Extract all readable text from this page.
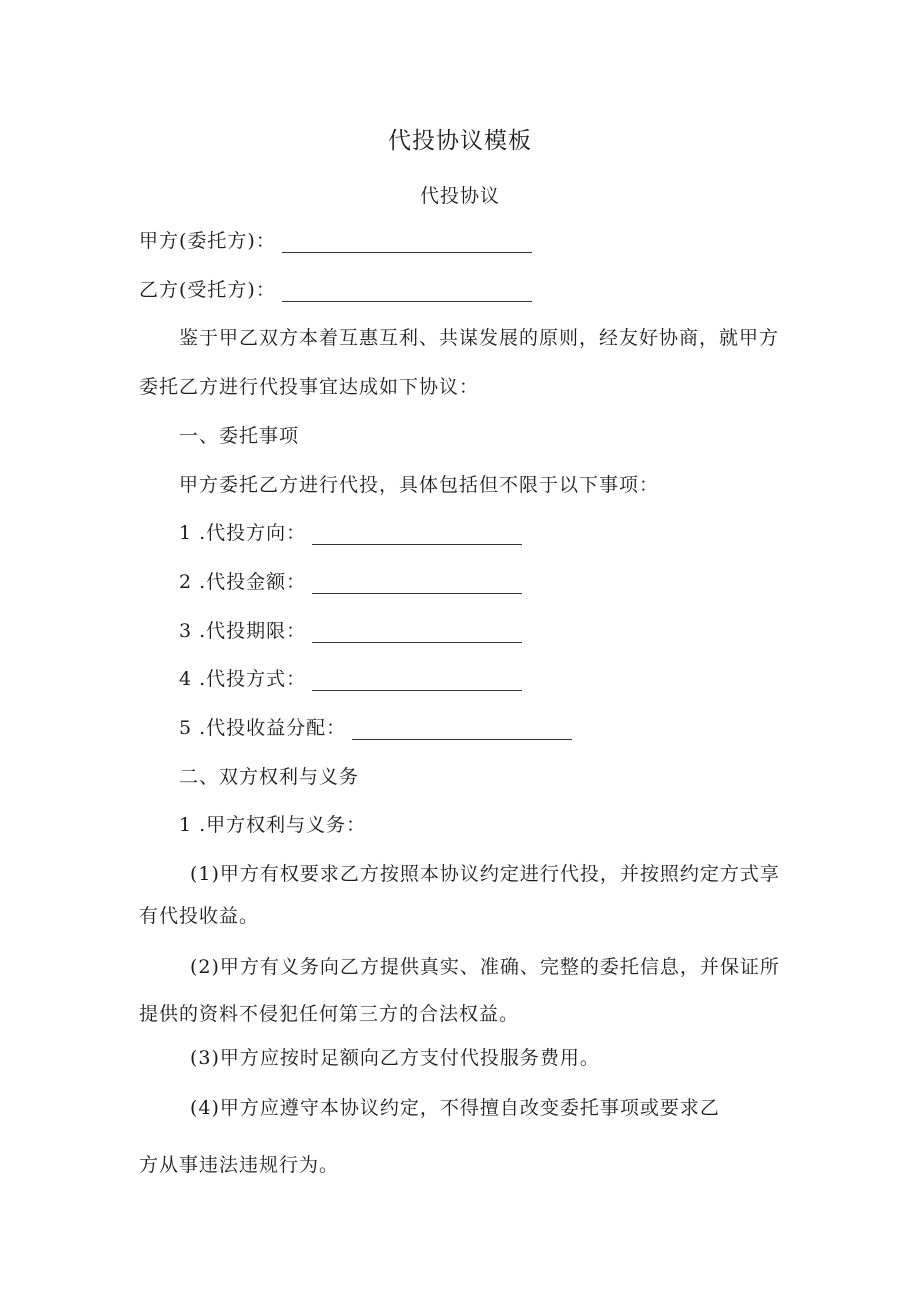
代投协议模板
代投协议
甲方(委托方)：
乙方(受托方)：
鉴于甲乙双方本着互惠互利、共谋发展的原则，经友好协商，就甲方
委托乙方进行代投事宜达成如下协议：
一、委托事项
甲方委托乙方进行代投，具体包括但不限于以下事项：
1 .代投方向：
2 .代投金额：
3 .代投期限：
4 .代投方式：
5 .代投收益分配：
二、双方权利与义务
1 .甲方权利与义务：
(1)甲方有权要求乙方按照本协议约定进行代投，并按照约定方式享
有代投收益。
(2)甲方有义务向乙方提供真实、准确、完整的委托信息，并保证所
提供的资料不侵犯任何第三方的合法权益。
(3)甲方应按时足额向乙方支付代投服务费用。
(4)甲方应遵守本协议约定，不得擅自改变委托事项或要求乙
方从事违法违规行为。
